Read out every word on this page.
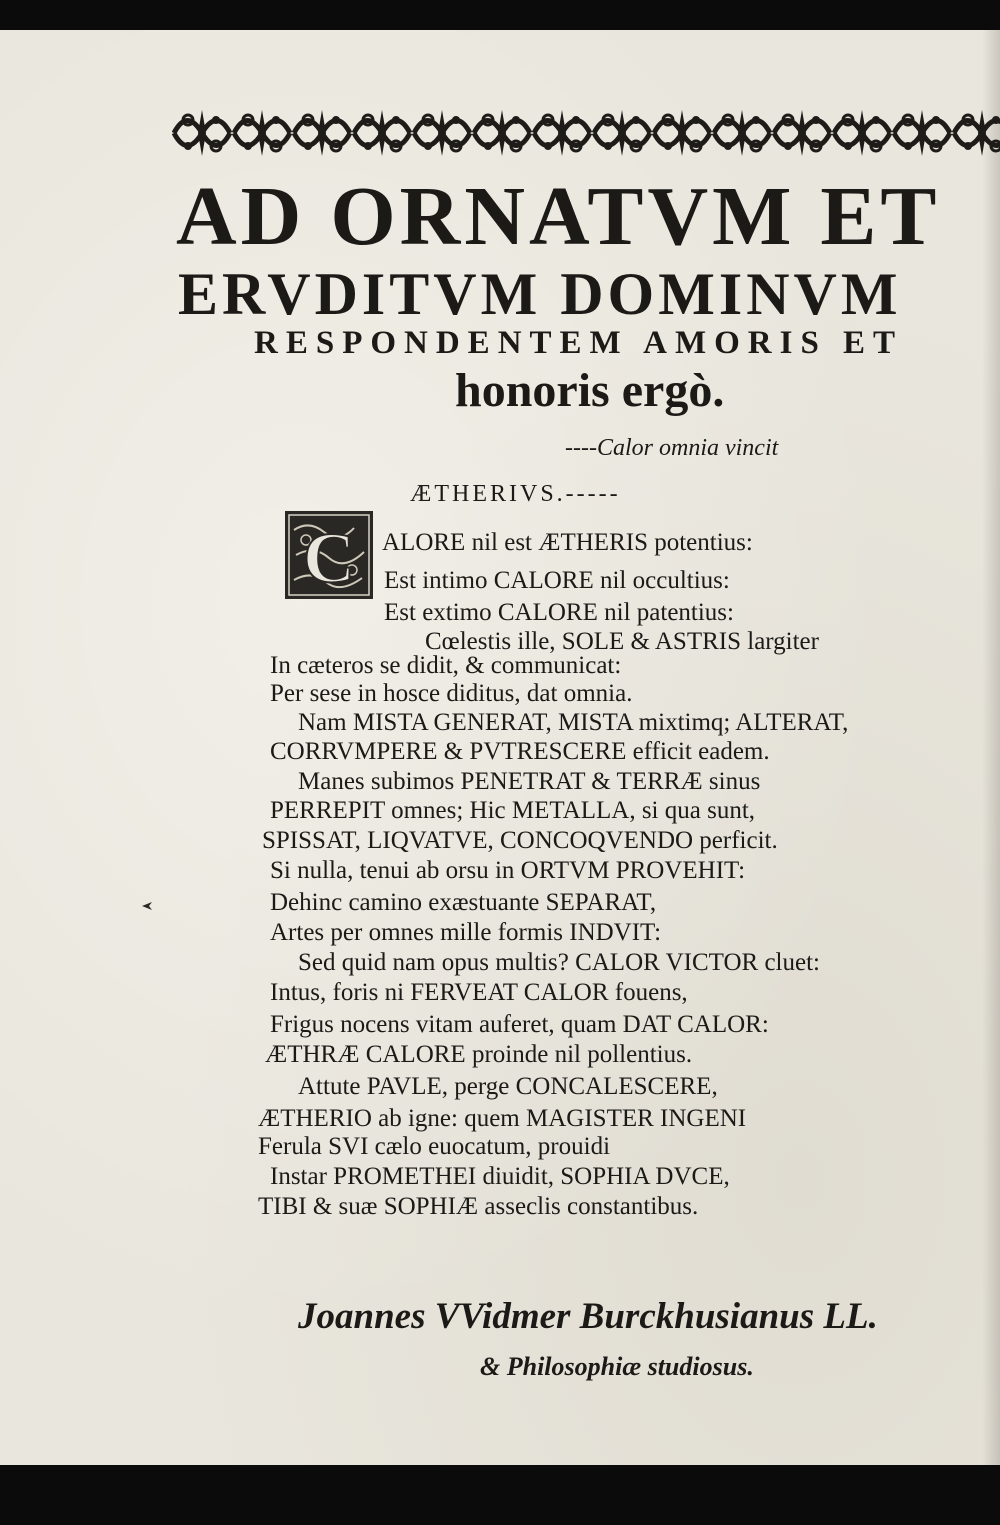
AD ORNATVM ET
ERVDITVM DOMINVM
RESPONDENTEM AMORIS ET
honoris ergò.
----Calor omnia vincit
ÆTHERIVS.-----
C ALORE nil est ÆTHERIS potentius:
Est intimo CALORE nil occultius:
Est extimo CALORE nil patentius:
Cœlestis ille, SOLE & ASTRIS largiter
In cæteros se didit, & communicat:
Per sese in hosce diditus, dat omnia.
Nam MISTA GENERAT, MISTA mixtimq; ALTERAT,
CORRVMPERE & PVTRESCERE efficit eadem.
Manes subimos PENETRAT & TERRÆ sinus
PERREPIT omnes; Hic METALLA, si qua sunt,
SPISSAT, LIQVATVE, CONCOQVENDO perficit.
Si nulla, tenui ab orsu in ORTVM PROVEHIT:
Dehinc camino exæstuante SEPARAT,
Artes per omnes mille formis INDVIT:
Sed quid nam opus multis? CALOR VICTOR cluet:
Intus, foris ni FERVEAT CALOR fouens,
Frigus nocens vitam auferet, quam DAT CALOR:
ÆTHRÆ CALORE proinde nil pollentius.
Attute PAVLE, perge CONCALESCERE,
ÆTHERIO ab igne: quem MAGISTER INGENI
Ferula SVI cælo euocatum, prouidi
Instar PROMETHEI diuidit, SOPHIA DVCE,
TIBI & suæ SOPHIÆ asseclis constantibus.
Joannes VVidmer Burckhusianus LL.
& Philosophiæ studiosus.
